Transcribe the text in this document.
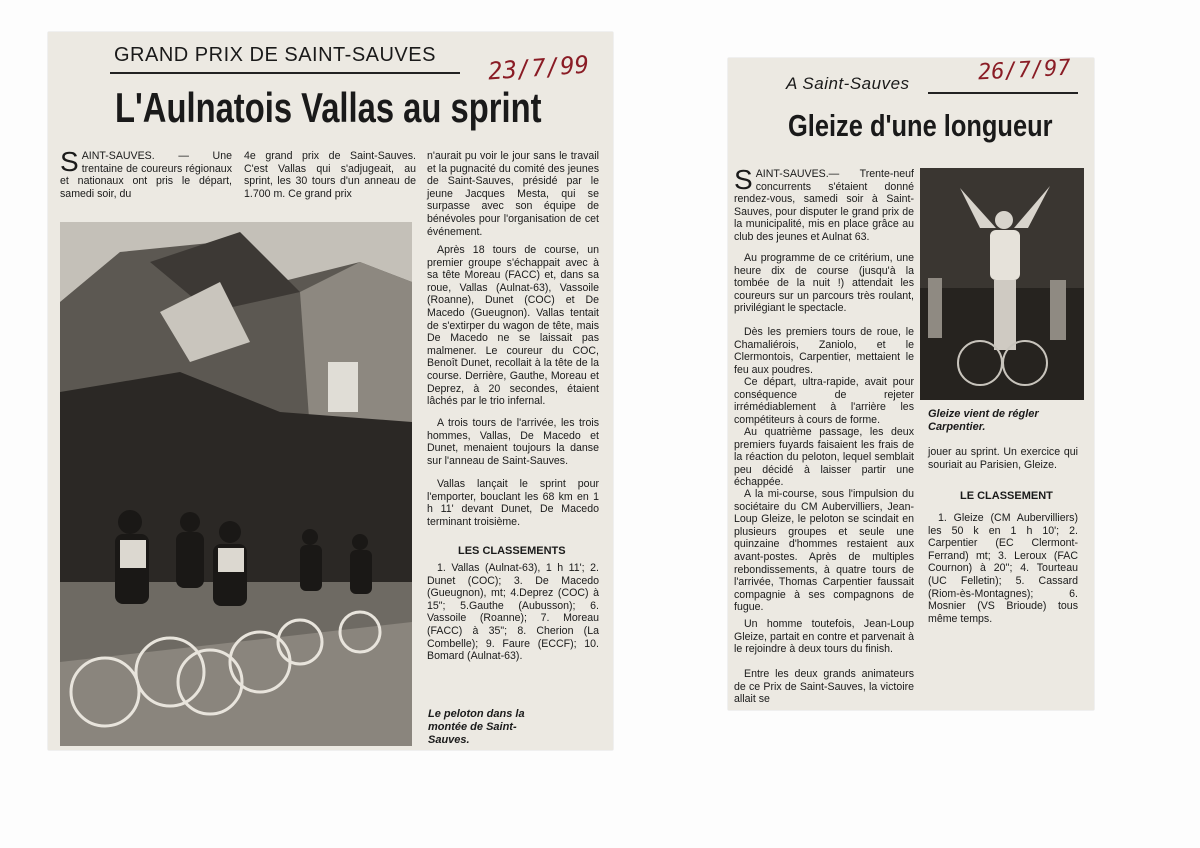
GRAND PRIX DE SAINT-SAUVES 23/7/99
L'Aulnatois Vallas au sprint

SAINT-SAUVES. — Une trentaine de coureurs régionaux et nationaux ont pris le départ, samedi soir, du

4e grand prix de Saint-Sauves. C'est Vallas qui s'adjugeait, au sprint, les 30 tours d'un anneau de 1.700 m. Ce grand prix

n'aurait pu voir le jour sans le travail et la pugnacité du comité des jeunes de Saint-Sauves, présidé par le jeune Jacques Mesta, qui se surpasse avec son équipe de bénévoles pour l'organisation de cet événement.

Après 18 tours de course, un premier groupe s'échappait avec à sa tête Moreau (FACC) et, dans sa roue, Vallas (Aulnat-63), Vassoile (Roanne), Dunet (COC) et De Macedo (Gueugnon). Vallas tentait de s'extirper du wagon de tête, mais De Macedo ne se laissait pas malmener. Le coureur du COC, Benoît Dunet, recollait à la tête de la course. Derrière, Gauthe, Moreau et Deprez, à 20 secondes, étaient lâchés par le trio infernal.

A trois tours de l'arrivée, les trois hommes, Vallas, De Macedo et Dunet, menaient toujours la danse sur l'anneau de Saint-Sauves.

Vallas lançait le sprint pour l'emporter, bouclant les 68 km en 1 h 11' devant Dunet, De Macedo terminant troisième.

LES CLASSEMENTS

1. Vallas (Aulnat-63), 1 h 11'; 2. Dunet (COC); 3. De Macedo (Gueugnon), mt; 4.Deprez (COC) à 15"; 5.Gauthe (Aubusson); 6. Vassoile (Roanne); 7. Moreau (FACC) à 35"; 8. Cherion (La Combelle); 9. Faure (ECCF); 10. Bomard (Aulnat-63).

Le peloton dans la montée de Saint-Sauves.
A Saint-Sauves	26/7/97
Gleize d'une longueur

SAINT-SAUVES.— Trente-neuf concurrents s'étaient donné rendez-vous, samedi soir à Saint-Sauves, pour disputer le grand prix de la municipalité, mis en place grâce au club des jeunes et Aulnat 63.

Au programme de ce critérium, une heure dix de course (jusqu'à la tombée de la nuit !) attendait les coureurs sur un parcours très roulant, privilégiant le spectacle.

Dès les premiers tours de roue, le Chamaliérois, Zaniolo, et le Clermontois, Carpentier, mettaient le feu aux poudres.

Ce départ, ultra-rapide, avait pour conséquence de rejeter irrémédiablement à l'arrière les compétiteurs à cours de forme.

Au quatrième passage, les deux premiers fuyards faisaient les frais de la réaction du peloton, lequel semblait peu décidé à laisser partir une échappée.

A la mi-course, sous l'impulsion du sociétaire du CM Aubervilliers, Jean-Loup Gleize, le peloton se scindait en plusieurs groupes et seule une quinzaine d'hommes restaient aux avant-postes. Après de multiples rebondissements, à quatre tours de l'arrivée, Thomas Carpentier faussait compagnie à ses compagnons de fugue.

Un homme toutefois, Jean-Loup Gleize, partait en contre et parvenait à le rejoindre à deux tours du finish.

Entre les deux grands animateurs de ce Prix de Saint-Sauves, la victoire allait se

Gleize vient de régler Carpentier.

jouer au sprint. Un exercice qui souriait au Parisien, Gleize.

LE CLASSEMENT

1. Gleize (CM Aubervilliers) les 50 k en 1 h 10'; 2. Carpentier (EC Clermont-Ferrand) mt; 3. Leroux (FAC Cournon) à 20''; 4. Tourteau (UC Felletin); 5. Cassard (Riom-ès-Montagnes); 6. Mosnier (VS Brioude) tous même temps.
